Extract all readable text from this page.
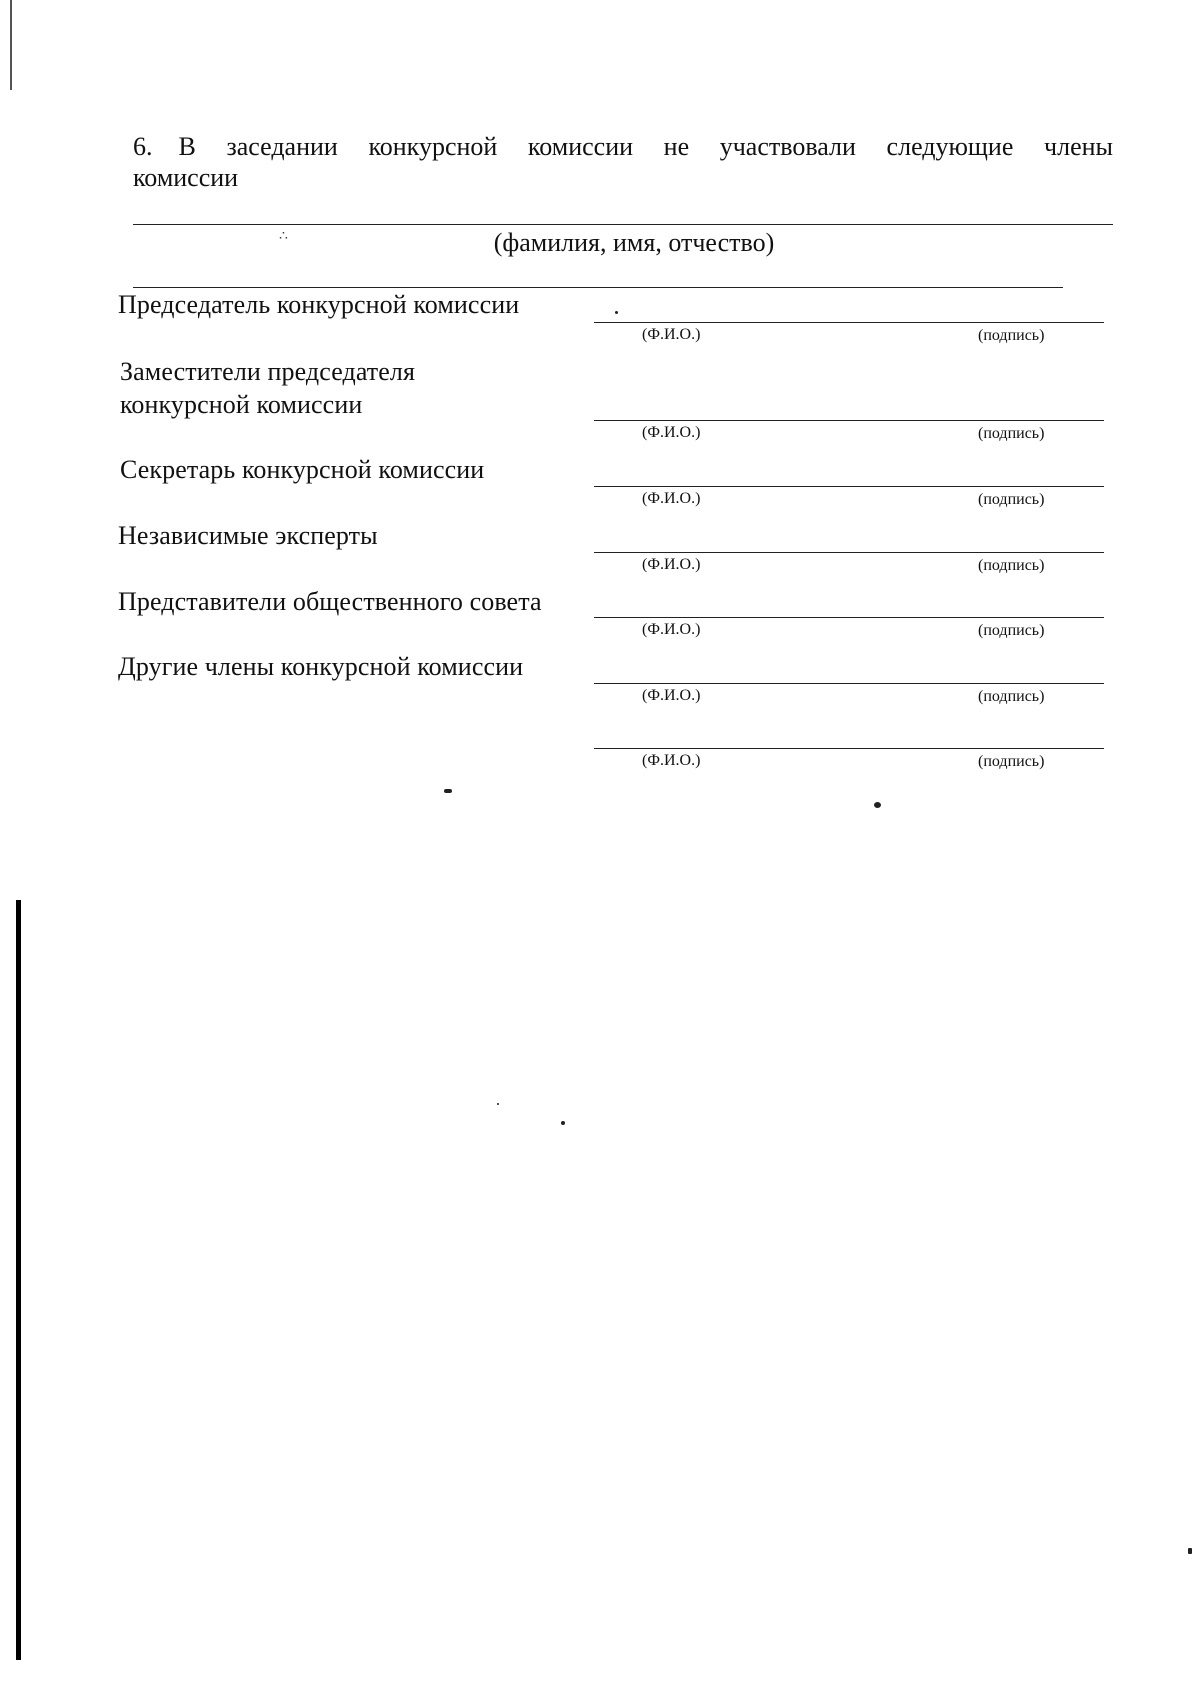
6. В заседании конкурсной комиссии не участвовали следующие члены
комиссии
∴	(фамилия, имя, отчество)
Председатель конкурсной комиссии
(Ф.И.О.)	(подпись)
Заместители председателя
конкурсной комиссии
(Ф.И.О.)	(подпись)
Секретарь конкурсной комиссии
(Ф.И.О.)	(подпись)
Независимые эксперты
(Ф.И.О.)	(подпись)
Представители общественного совета
(Ф.И.О.)	(подпись)
Другие члены конкурсной комиссии
(Ф.И.О.)	(подпись)
(Ф.И.О.)	(подпись)
